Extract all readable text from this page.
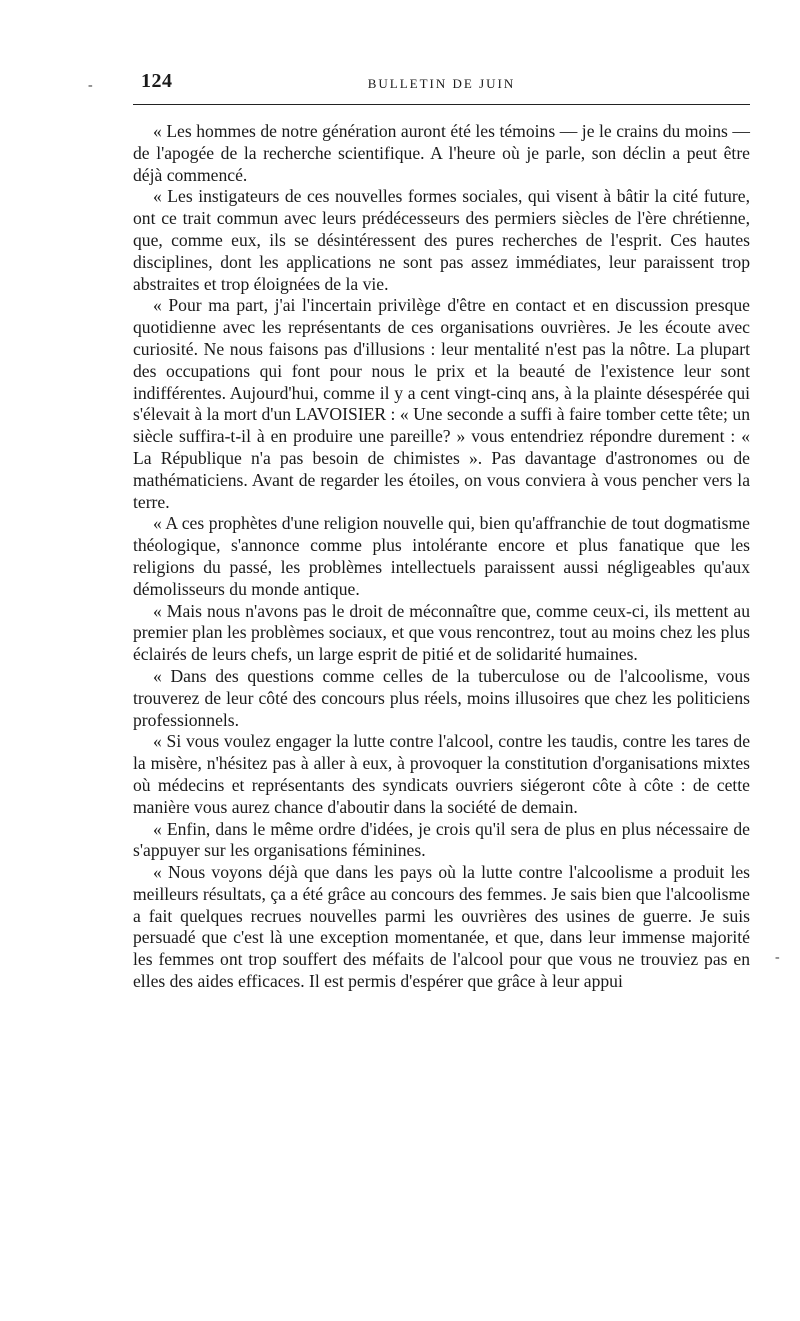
- 124	BULLETIN DE JUIN

« Les hommes de notre génération auront été les témoins — je le crains du moins — de l'apogée de la recherche scientifique. A l'heure où je parle, son déclin a peut être déjà commencé.

« Les instigateurs de ces nouvelles formes sociales, qui visent à bâtir la cité future, ont ce trait commun avec leurs prédécesseurs des permiers siècles de l'ère chrétienne, que, comme eux, ils se désintéressent des pures recherches de l'esprit. Ces hautes disciplines, dont les applications ne sont pas assez immédiates, leur paraissent trop abstraites et trop éloignées de la vie.

« Pour ma part, j'ai l'incertain privilège d'être en contact et en discussion presque quotidienne avec les représentants de ces organisations ouvrières. Je les écoute avec curiosité. Ne nous faisons pas d'illusions : leur mentalité n'est pas la nôtre. La plupart des occupations qui font pour nous le prix et la beauté de l'existence leur sont indifférentes. Aujourd'hui, comme il y a cent vingt-cinq ans, à la plainte désespérée qui s'élevait à la mort d'un LAVOISIER : « Une seconde a suffi à faire tomber cette tête; un siècle suffira-t-il à en produire une pareille? » vous entendriez répondre durement : « La République n'a pas besoin de chimistes ». Pas davantage d'astronomes ou de mathématiciens. Avant de regarder les étoiles, on vous conviera à vous pencher vers la terre.

« A ces prophètes d'une religion nouvelle qui, bien qu'affranchie de tout dogmatisme théologique, s'annonce comme plus intolérante encore et plus fanatique que les religions du passé, les problèmes intellectuels paraissent aussi négligeables qu'aux démolisseurs du monde antique.

« Mais nous n'avons pas le droit de méconnaître que, comme ceux-ci, ils mettent au premier plan les problèmes sociaux, et que vous rencontrez, tout au moins chez les plus éclairés de leurs chefs, un large esprit de pitié et de solidarité humaines.

« Dans des questions comme celles de la tuberculose ou de l'alcoolisme, vous trouverez de leur côté des concours plus réels, moins illusoires que chez les politiciens professionnels.

« Si vous voulez engager la lutte contre l'alcool, contre les taudis, contre les tares de la misère, n'hésitez pas à aller à eux, à provoquer la constitution d'organisations mixtes où médecins et représentants des syndicats ouvriers siégeront côte à côte : de cette manière vous aurez chance d'aboutir dans la société de demain.

« Enfin, dans le même ordre d'idées, je crois qu'il sera de plus en plus nécessaire de s'appuyer sur les organisations féminines.

« Nous voyons déjà que dans les pays où la lutte contre l'alcoolisme a produit les meilleurs résultats, ça a été grâce au concours des femmes. Je sais bien que l'alcoolisme a fait quelques recrues nouvelles parmi les ouvrières des usines de guerre. Je suis persuadé que c'est là une exception momentanée, et que, dans leur immense majorité les femmes ont trop souffert des méfaits de l'alcool pour que vous ne trouviez pas en elles des aides efficaces. Il est permis d'espérer que grâce à leur appui

-
